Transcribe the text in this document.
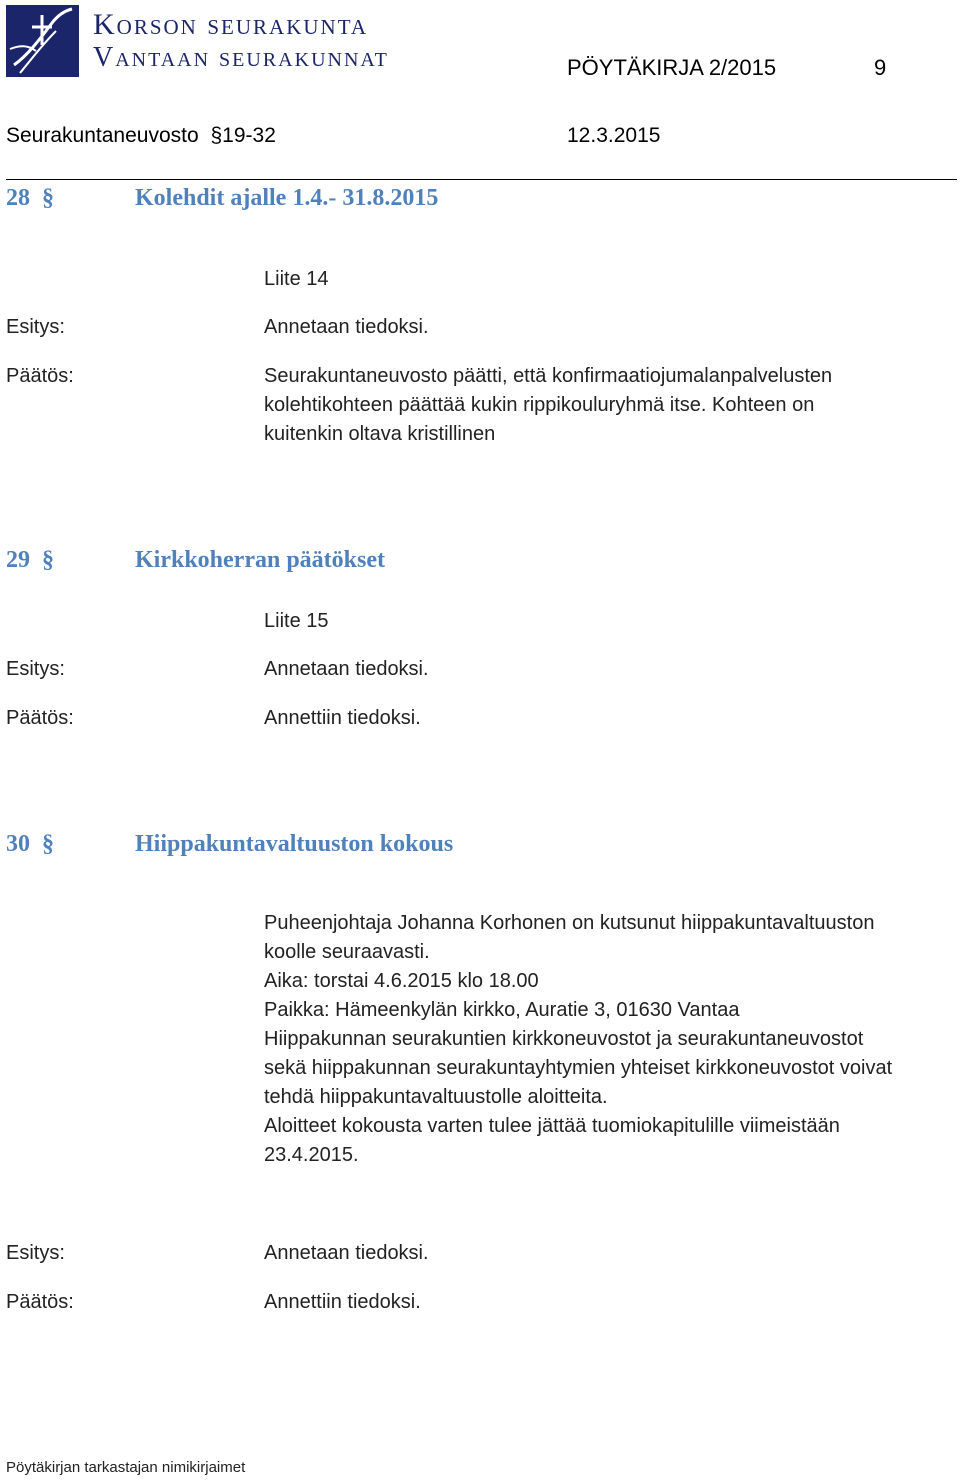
Korson seurakunta
Vantaan seurakunnat	PÖYTÄKIRJA 2/2015	9
Seurakuntaneuvosto §19-32	12.3.2015
28 §	Kolehdit ajalle 1.4.- 31.8.2015
Liite 14
Esitys:	Annetaan tiedoksi.
Päätös:	Seurakuntaneuvosto päätti, että konfirmaatiojumalanpalvelusten
kolehtikohteen päättää kukin rippikouluryhmä itse. Kohteen on
kuitenkin oltava kristillinen
29 §	Kirkkoherran päätökset
Liite 15
Esitys:	Annetaan tiedoksi.
Päätös:	Annettiin tiedoksi.
30 §	Hiippakuntavaltuuston kokous
Puheenjohtaja Johanna Korhonen on kutsunut hiippakuntavaltuuston
koolle seuraavasti.
Aika: torstai 4.6.2015 klo 18.00
Paikka: Hämeenkylän kirkko, Auratie 3, 01630 Vantaa
Hiippakunnan seurakuntien kirkkoneuvostot ja seurakuntaneuvostot
sekä hiippakunnan seurakuntayhtymien yhteiset kirkkoneuvostot voivat
tehdä hiippakuntavaltuustolle aloitteita.
Aloitteet kokousta varten tulee jättää tuomiokapitulille viimeistään
23.4.2015.
Esitys:	Annetaan tiedoksi.
Päätös:	Annettiin tiedoksi.
Pöytäkirjan tarkastajan nimikirjaimet
